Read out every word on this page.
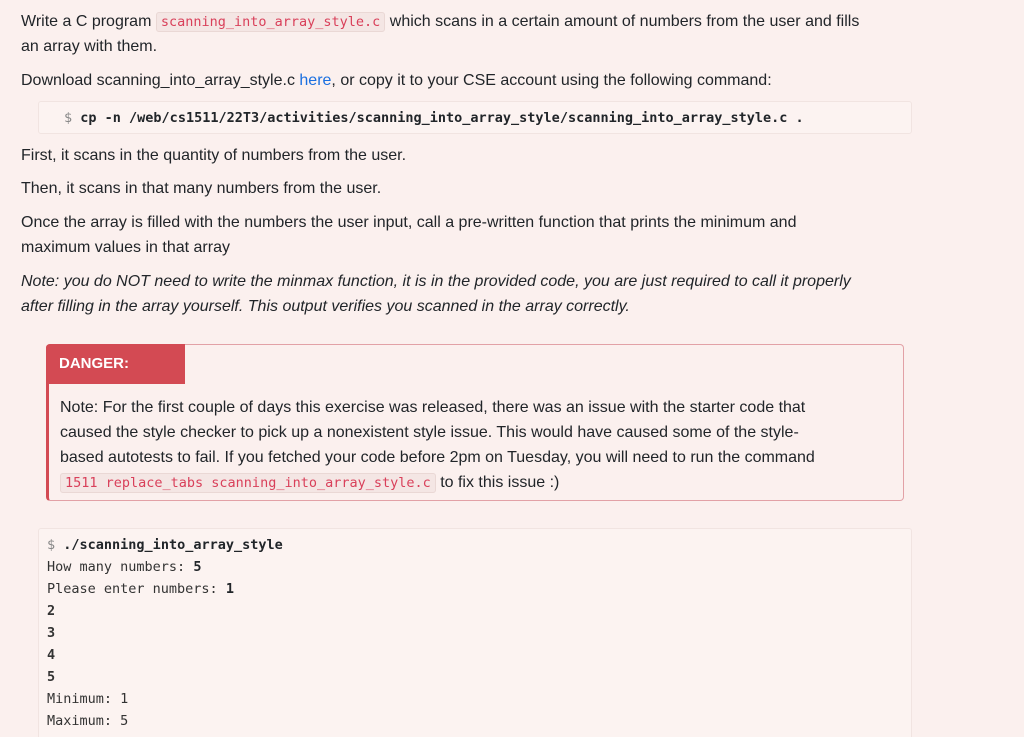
Write a C program scanning_into_array_style.c which scans in a certain amount of numbers from the user and fills
an array with them.

Download scanning_into_array_style.c here, or copy it to your CSE account using the following command:

$ cp -n /web/cs1511/22T3/activities/scanning_into_array_style/scanning_into_array_style.c .

First, it scans in the quantity of numbers from the user.

Then, it scans in that many numbers from the user.

Once the array is filled with the numbers the user input, call a pre-written function that prints the minimum and
maximum values in that array

Note: you do NOT need to write the minmax function, it is in the provided code, you are just required to call it properly
after filling in the array yourself. This output verifies you scanned in the array correctly.

DANGER:
Note: For the first couple of days this exercise was released, there was an issue with the starter code that
caused the style checker to pick up a nonexistent style issue. This would have caused some of the style-
based autotests to fail. If you fetched your code before 2pm on Tuesday, you will need to run the command
1511 replace_tabs scanning_into_array_style.c to fix this issue :)
$ ./scanning_into_array_style
How many numbers: 5
Please enter numbers: 1
2
3
4
5
Minimum: 1
Maximum: 5
